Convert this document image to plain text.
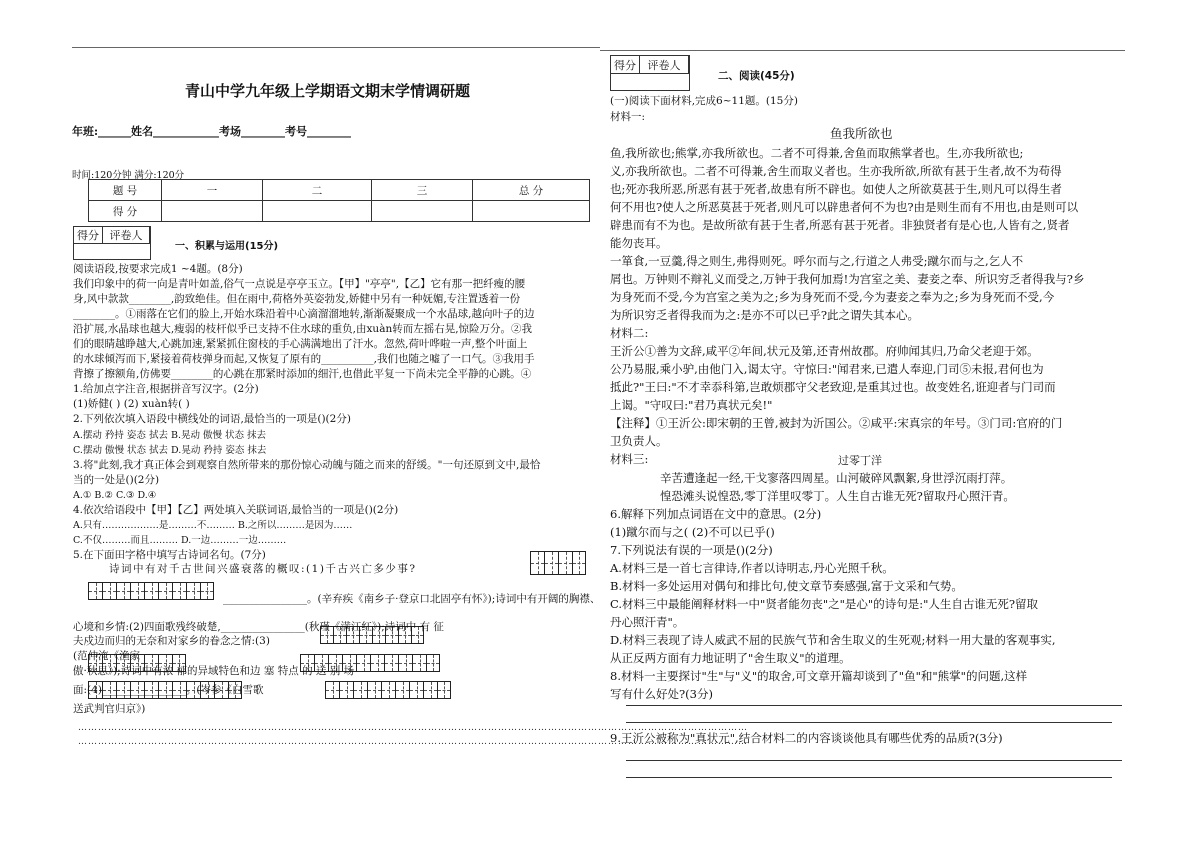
青山中学九年级上学期语文期末学情调研题
年班:______姓名____________考场________考号________
时间:120分钟 满分:120分
题 号	一	二	三	总 分
得 分				
得分 评卷人
一、积累与运用(15分)
阅读语段,按要求完成1 ~4题。(8分)
我们印象中的荷一向是青叶如盖,俗气一点说是亭亭玉立。【甲】"亭亭",【乙】它有那一把纤瘦的腰
身,风中款款________,韵致绝佳。但在雨中,荷格外英姿勃发,娇健中另有一种妩媚,专注置透着一份
________。①雨落在它们的脸上,开始水珠沿着中心滴溜溜地转,渐渐凝聚成一个水晶球,越向叶子的边
沿扩展,水晶球也越大,瘦弱的枝杆似乎已支持不住水球的重负,由xuàn转而左摇右晃,惊险万分。②我
们的眼睛越睁越大,心跳加速,紧紧抓住窗枝的手心满满地出了汗水。忽然,荷叶哗啦一声,整个叶面上
的水球倾泻而下,紧接着荷枝弹身而起,又恢复了原有的__________,我们也随之嘘了一口气。③我用手
背擦了擦额角,仿佛要________的心跳在那紧时添加的细汗,也借此平复一下尚未完全平静的心跳。④
1.给加点字注音,根据拼音写汉字。(2分)
(1)娇健( ) (2) xuàn转( )
2.下列依次填入语段中横线处的词语,最恰当的一项是()(2分)
A.摆动 矜持 姿态 拭去 B.晃动 傲慢 状态 抹去
C.摆动 傲慢 状态 拭去 D.晃动 矜持 姿态 抹去
3.将"此刻,我才真正体会到观察自然所带来的那份惊心动魄与随之而来的舒缓。"一句还原到文中,最恰
当的一处是()(2分)
A.① B.② C.③ D.④
4.依次给语段中【甲】【乙】两处填入关联词语,最恰当的一项是()(2分)
A.只有………………是………不……… B.之所以………是因为……
C.不仅………而且……… D.一边………一边………
5.在下面田字格中填写古诗词名句。(7分)
诗词中有对千古世间兴盛衰落的概叹:(1)千古兴亡多少事?
________________。(辛弃疾《南乡子·登京口北固亭有怀》);诗词中有开阔的胸襟、
心境和乡情:(2)四面歌残终破楚,________________(秋瑾《满江红》);诗词中 有 征
夫戍边而归的无奈和对家乡的眷念之情:(3)
(范仲淹《渔家
傲·秋思》);诗词中有浓 郁的异域特色和边 塞 特点 的 送 别 场
面:(4)________________。(岑参《白雪歌
送武判官归京》)
…………………………………………………………………………………………………………………………………………………………………………………
…………………………………………………………………………………………………………………………………………………………………………………
得分	评卷人
二、阅读(45分)
(一)阅读下面材料,完成6~11题。(15分)
材料一:
鱼我所欲也
鱼,我所欲也;熊掌,亦我所欲也。二者不可得兼,舍鱼而取熊掌者也。生,亦我所欲也;
义,亦我所欲也。二者不可得兼,舍生而取义者也。生亦我所欲,所欲有甚于生者,故不为苟得
也;死亦我所恶,所恶有甚于死者,故患有所不辟也。如使人之所欲莫甚于生,则凡可以得生者
何不用也?使人之所恶莫甚于死者,则凡可以辟患者何不为也?由是则生而有不用也,由是则可以
辟患而有不为也。是故所欲有甚于生者,所恶有甚于死者。非独贤者有是心也,人皆有之,贤者
能勿丧耳。
一箪食,一豆羹,得之则生,弗得则死。呼尔而与之,行道之人弗受;蹴尔而与之,乞人不
屑也。万钟则不辩礼义而受之,万钟于我何加焉!为宫室之美、妻妾之奉、所识穷乏者得我与?乡
为身死而不受,今为宫室之美为之;乡为身死而不受,今为妻妾之奉为之;乡为身死而不受,今
为所识穷乏者得我而为之:是亦不可以已乎?此之谓失其本心。
材料二:
王沂公①善为文辞,咸平②年间,状元及第,还青州故郡。府帅闻其归,乃命父老迎于郊。
公乃易服,乘小驴,由他门入,谒太守。守惊曰:"闻君来,已遣人奉迎,门司⑤未报,君何也为
抵此?"王曰:"不才幸忝科第,岂敢烦郡守父老致迎,是重其过也。故变姓名,诳迎者与门司而
上谒。"守叹曰:"君乃真状元矣!"
【注释】①王沂公:即宋朝的王曾,被封为沂国公。②咸平:宋真宗的年号。③门司:官府的门
卫负责人。
材料三:	过零丁洋
辛苦遭逢起一经,干戈寥落四周星。山河破碎风飘絮,身世浮沉雨打萍。
惶恐滩头说惶恐,零丁洋里叹零丁。人生自古谁无死?留取丹心照汗青。
6.解释下列加点词语在文中的意思。(2分)
(1)蹴尔而与之( (2)不可以已乎()
7.下列说法有误的一项是()(2分)
A.材料三是一首七言律诗,作者以诗明志,丹心光照千秋。
B.材料一多处运用对偶句和排比句,使文章节奏感强,富于文采和气势。
C.材料三中最能阐释材料一中"贤者能勿丧"之"是心"的诗句是:"人生自古谁无死?留取
丹心照汗青"。
D.材料三表现了诗人威武不屈的民族气节和舍生取义的生死观;材料一用大量的客观事实,
从正反两方面有力地证明了"舍生取义"的道理。
8.材料一主要探讨"生"与"义"的取舍,可文章开篇却谈到了"鱼"和"熊掌"的问题,这样
写有什么好处?(3分)
9.王沂公被称为"真状元",结合材料二的内容谈谈他具有哪些优秀的品质?(3分)
